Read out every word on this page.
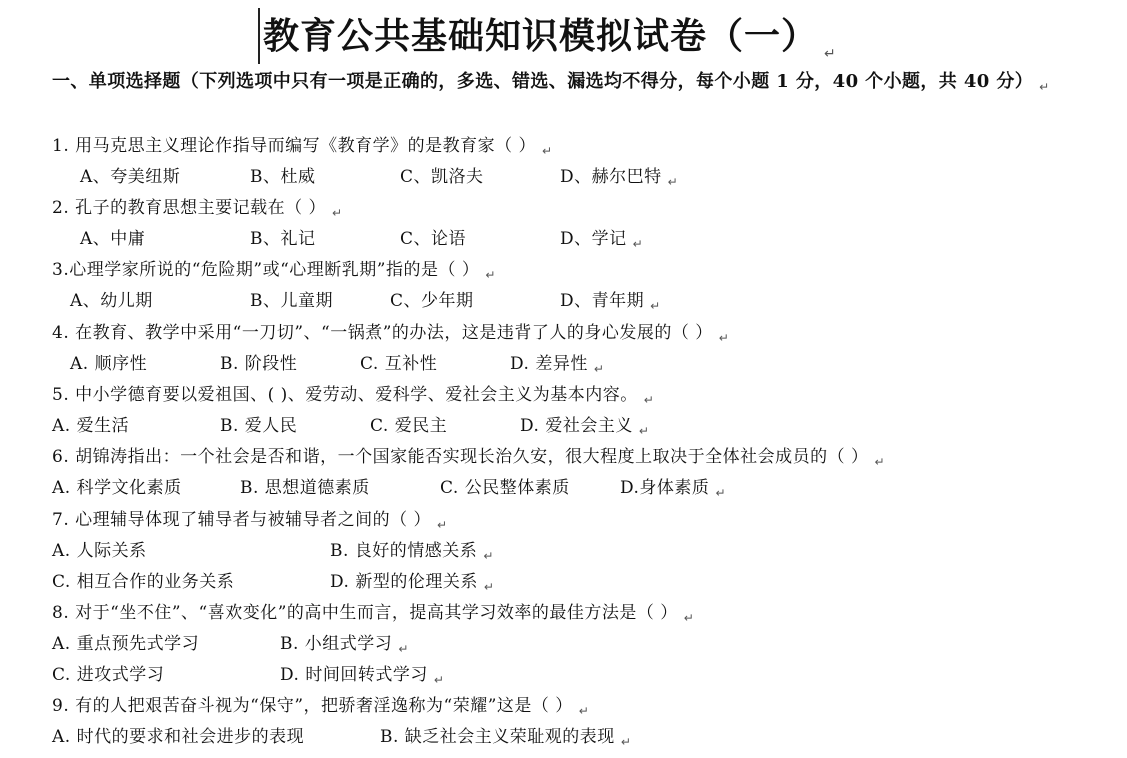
教育公共基础知识模拟试卷（一） ↵
一、单项选择题（下列选项中只有一项是正确的，多选、错选、漏选均不得分，每个小题 1 分，40 个小题，共 40 分） ↵
1. 用马克思主义理论作指导而编写《教育学》的是教育家（ ） ↵
A、夸美纽斯	B、杜威	C、凯洛夫	D、赫尔巴特 ↵
2. 孔子的教育思想主要记载在（ ） ↵
A、中庸	B、礼记	C、论语	D、学记 ↵
3.心理学家所说的“危险期”或“心理断乳期”指的是（ ） ↵
A、幼儿期	B、儿童期	C、少年期	D、青年期 ↵
4. 在教育、教学中采用“一刀切”、“一锅煮”的办法，这是违背了人的身心发展的（ ） ↵
A. 顺序性	B. 阶段性	C. 互补性	D. 差异性 ↵
5. 中小学德育要以爱祖国、( )、爱劳动、爱科学、爱社会主义为基本内容。 ↵
A. 爱生活	B. 爱人民	C. 爱民主	D. 爱社会主义 ↵
6. 胡锦涛指出：一个社会是否和谐，一个国家能否实现长治久安，很大程度上取决于全体社会成员的（ ） ↵
A. 科学文化素质	B. 思想道德素质	C. 公民整体素质	D.身体素质 ↵
7. 心理辅导体现了辅导者与被辅导者之间的（ ） ↵
A. 人际关系	B. 良好的情感关系 ↵
C. 相互合作的业务关系	D. 新型的伦理关系 ↵
8. 对于“坐不住”、“喜欢变化”的高中生而言，提高其学习效率的最佳方法是（ ） ↵
A. 重点预先式学习	B. 小组式学习 ↵
C. 进攻式学习	D. 时间回转式学习 ↵
9. 有的人把艰苦奋斗视为“保守”，把骄奢淫逸称为“荣耀”这是（ ） ↵
A. 时代的要求和社会进步的表现	B. 缺乏社会主义荣耻观的表现 ↵
